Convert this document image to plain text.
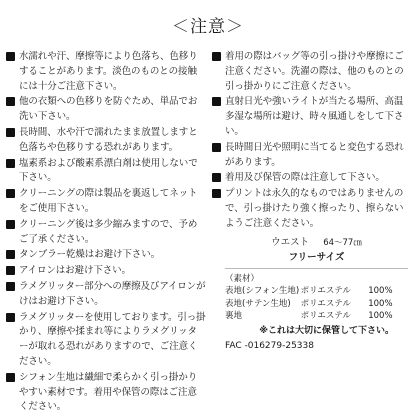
＜注意＞
水濡れや汗、摩擦等により色落ち、色移りすることがあります。淡色のものとの接触には十分ご注意下さい。
他の衣類への色移りを防ぐため、単品でお洗い下さい。
長時間、水や汗で濡れたまま放置しますと色落ちや色移りする恐れがあります。
塩素系および酸素系漂白剤は使用しないで下さい。
クリーニングの際は製品を裏返してネットをご使用下さい。
クリーニング後は多少縮みますので、予めご了承ください。
タンブラー乾燥はお避け下さい。
アイロンはお避け下さい。
ラメグリッター部分への摩擦及びアイロンがけはお避け下さい。
ラメグリッターを使用しております。引っ掛かり、摩擦や揉まれ等によりラメグリッターが取れる恐れがありますので、ご注意ください。
シフォン生地は繊細で柔らかく引っ掛かりやすい素材です。着用や保管の際はご注意ください。
着用の際はバッグ等の引っ掛けや摩擦にご注意ください。洗濯の際は、他のものとの引っ掛かりにご注意ください。
直射日光や強いライトが当たる場所、高温多湿な場所は避け、時々風通しをして下さい。
長時間日光や照明に当てると変色する恐れがあります。
着用及び保管の際は注意して下さい。
プリントは永久的なものではありませんので、引っ掛けたり強く擦ったり、擦らないようご注意ください。
ウエスト 64〜77㎝
フリーサイズ
（素材）
表地(シフォン生地) ポリエステル	100%
表地(サテン生地)	ポリエステル	100%
裏地	ポリエステル	100%
※これは大切に保管して下さい。
FAC -016279-25338
